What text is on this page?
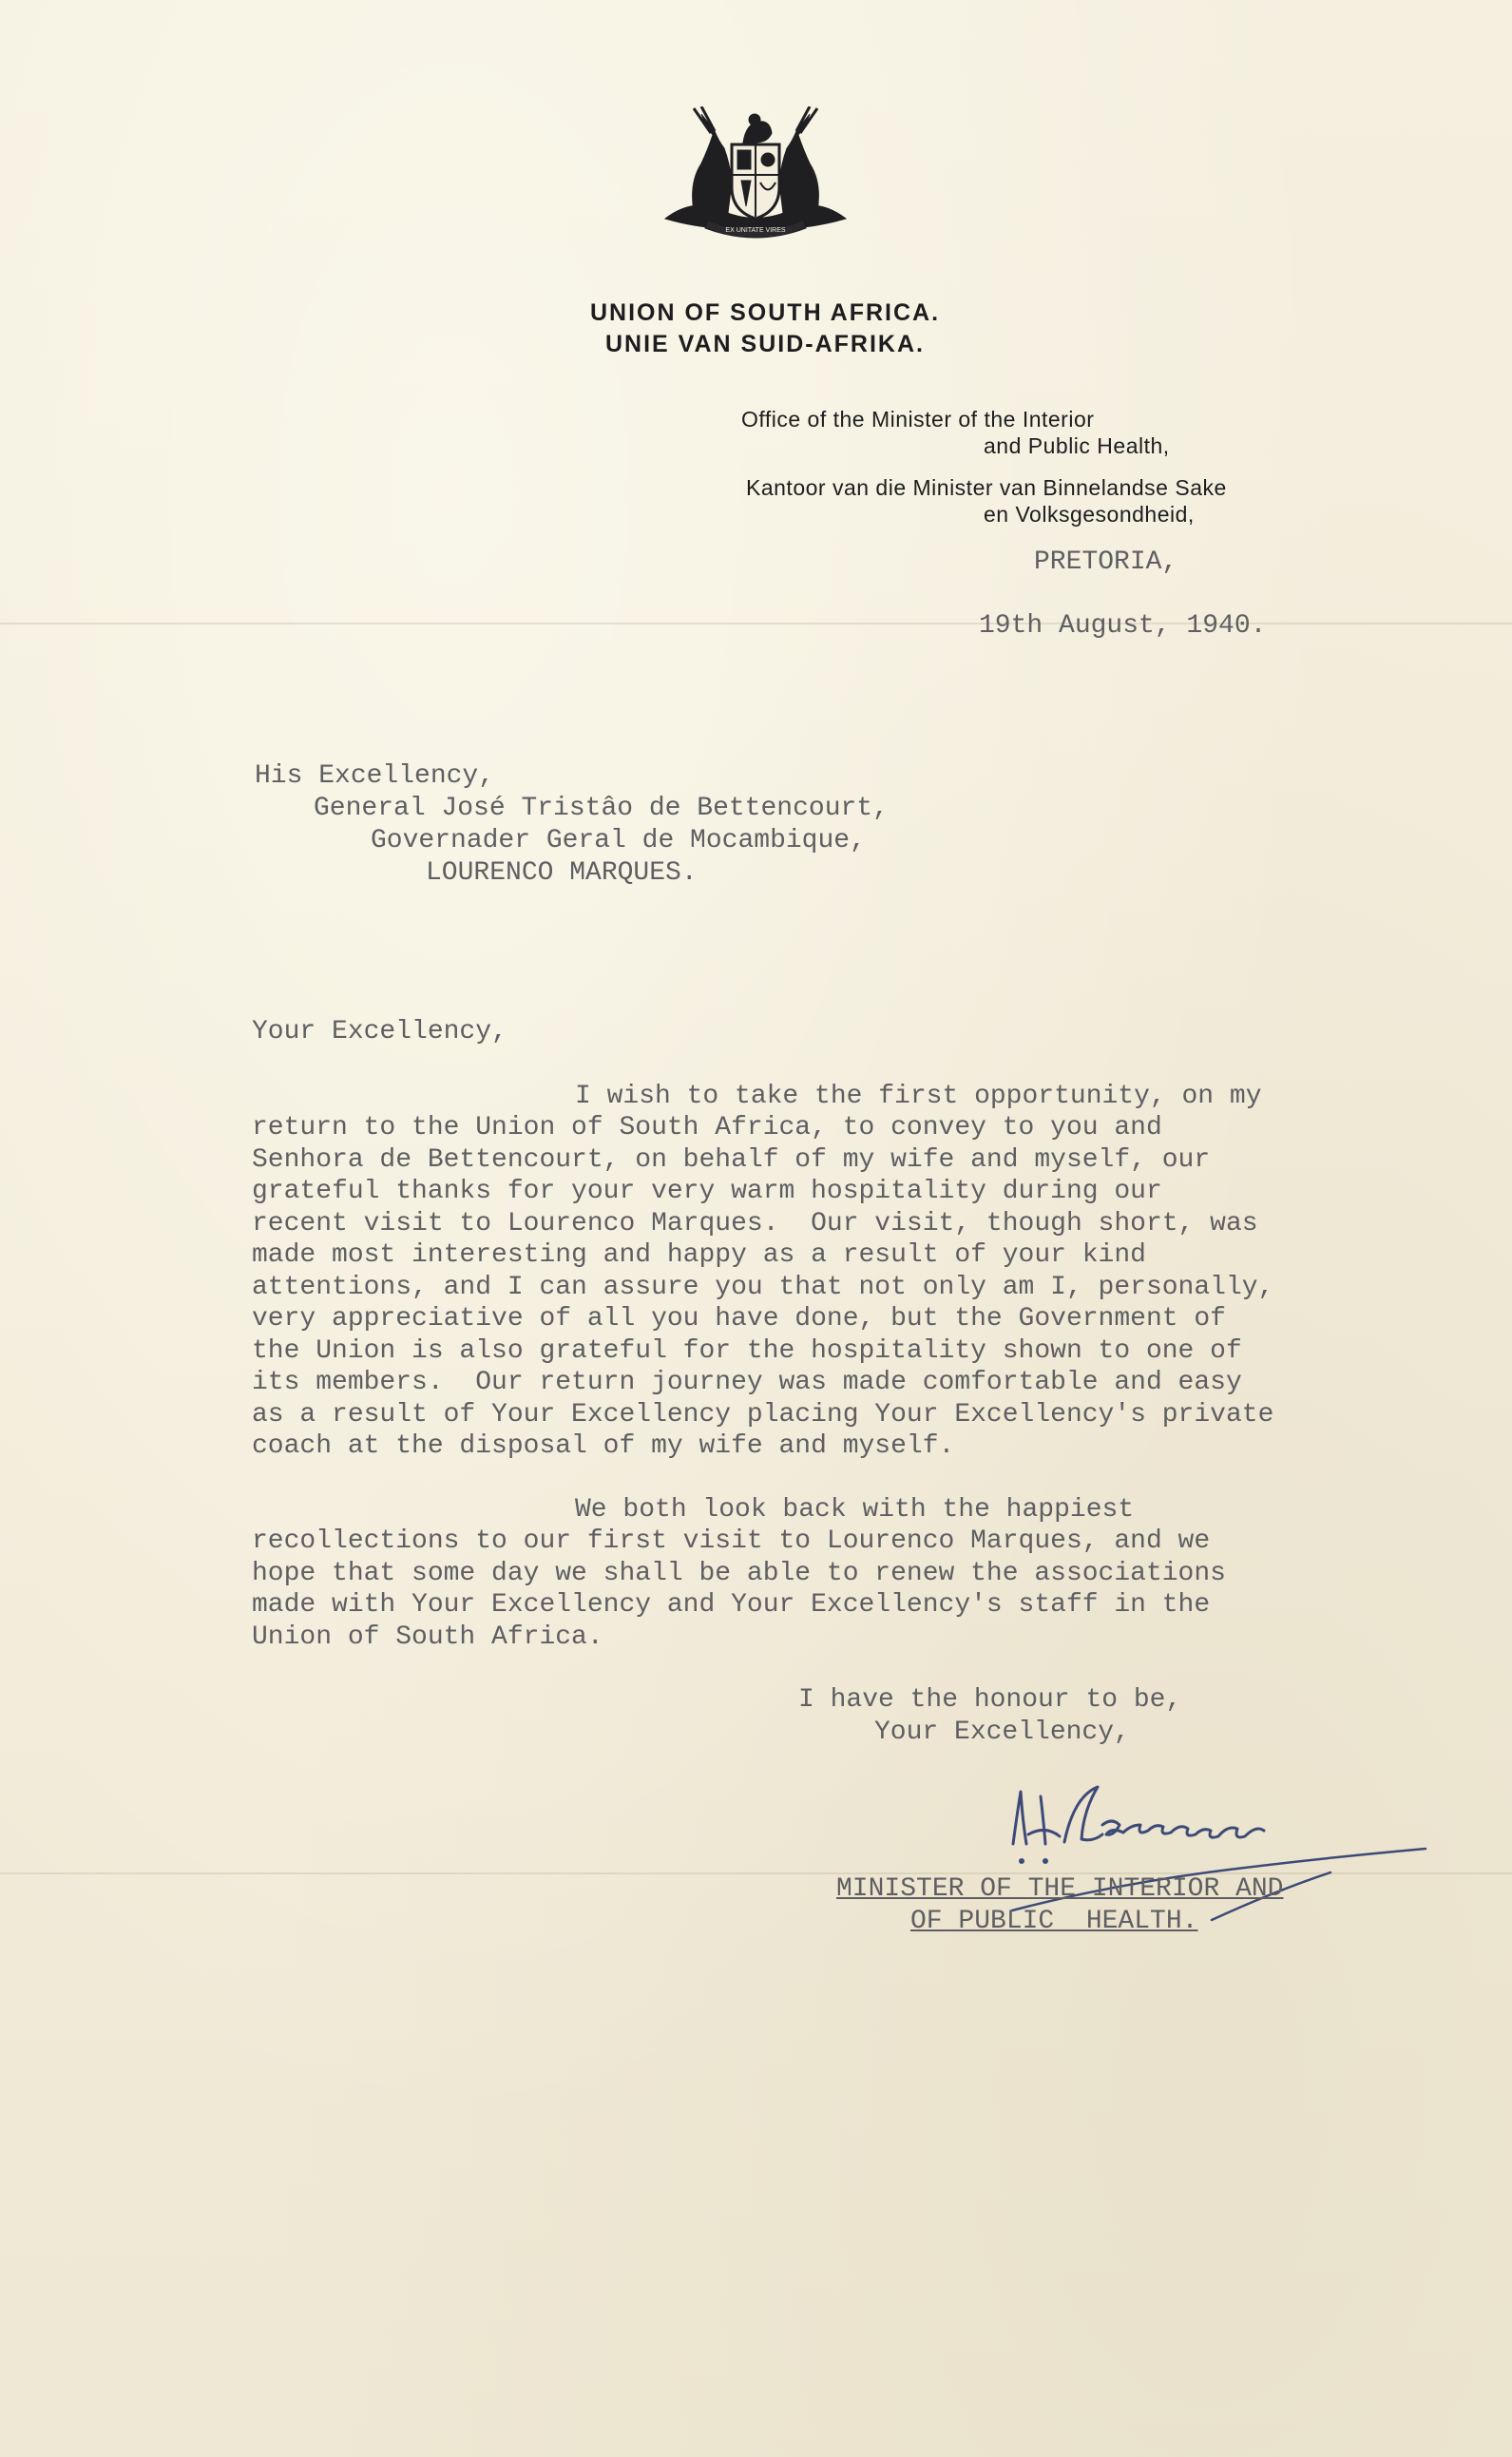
EX UNITATE VIRES

UNION OF SOUTH AFRICA.

UNIE VAN SUID-AFRIKA.

Office of the Minister of the Interior

and Public Health,

Kantoor van die Minister van Binnelandse Sake

en Volksgesondheid,

PRETORIA,

19th August, 1940.

His Excellency,

General José Tristâo de Bettencourt,

Governader Geral de Mocambique,

LOURENCO MARQUES.

Your Excellency,

I wish to take the first opportunity, on my

return to the Union of South Africa, to convey to you and

Senhora de Bettencourt, on behalf of my wife and myself, our

grateful thanks for your very warm hospitality during our

recent visit to Lourenco Marques.  Our visit, though short, was

made most interesting and happy as a result of your kind

attentions, and I can assure you that not only am I, personally,

very appreciative of all you have done, but the Government of

the Union is also grateful for the hospitality shown to one of

its members.  Our return journey was made comfortable and easy

as a result of Your Excellency placing Your Excellency's private

coach at the disposal of my wife and myself.

We both look back with the happiest

recollections to our first visit to Lourenco Marques, and we

hope that some day we shall be able to renew the associations

made with Your Excellency and Your Excellency's staff in the

Union of South Africa.

I have the honour to be,

Your Excellency,

MINISTER OF THE INTERIOR AND

OF PUBLIC  HEALTH.
